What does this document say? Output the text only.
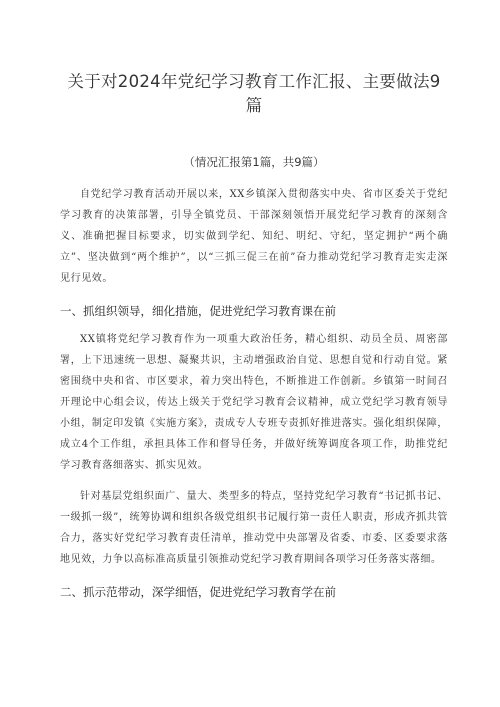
关于对2024年党纪学习教育工作汇报、主要做法9
篇
（情况汇报第1篇，共9篇）

自党纪学习教育活动开展以来，XX乡镇深入贯彻落实中央、省市区委关于党纪学习教育的决策部署，引导全镇党员、干部深刻领悟开展党纪学习教育的深刻含义、准确把握目标要求，切实做到学纪、知纪、明纪、守纪，坚定拥护“两个确立”、坚决做到“两个维护”，以“三抓三促三在前”奋力推动党纪学习教育走实走深见行见效。

一、抓组织领导，细化措施，促进党纪学习教育课在前

XX镇将党纪学习教育作为一项重大政治任务，精心组织、动员全员、周密部署，上下迅速统一思想、凝聚共识，主动增强政治自觉、思想自觉和行动自觉。紧密围绕中央和省、市区要求，着力突出特色，不断推进工作创新。乡镇第一时间召开理论中心组会议，传达上级关于党纪学习教育会议精神，成立党纪学习教育领导小组，制定印发镇《实施方案》，责成专人专班专责抓好推进落实。强化组织保障，成立4个工作组，承担具体工作和督导任务，并做好统筹调度各项工作，助推党纪学习教育落细落实、抓实见效。

针对基层党组织面广、量大、类型多的特点，坚持党纪学习教育“书记抓书记、一级抓一级”，统筹协调和组织各级党组织书记履行第一责任人职责，形成齐抓共管合力，落实好党纪学习教育责任清单，推动党中央部署及省委、市委、区委要求落地见效，力争以高标准高质量引领推动党纪学习教育期间各项学习任务落实落细。

二、抓示范带动，深学细悟，促进党纪学习教育学在前
